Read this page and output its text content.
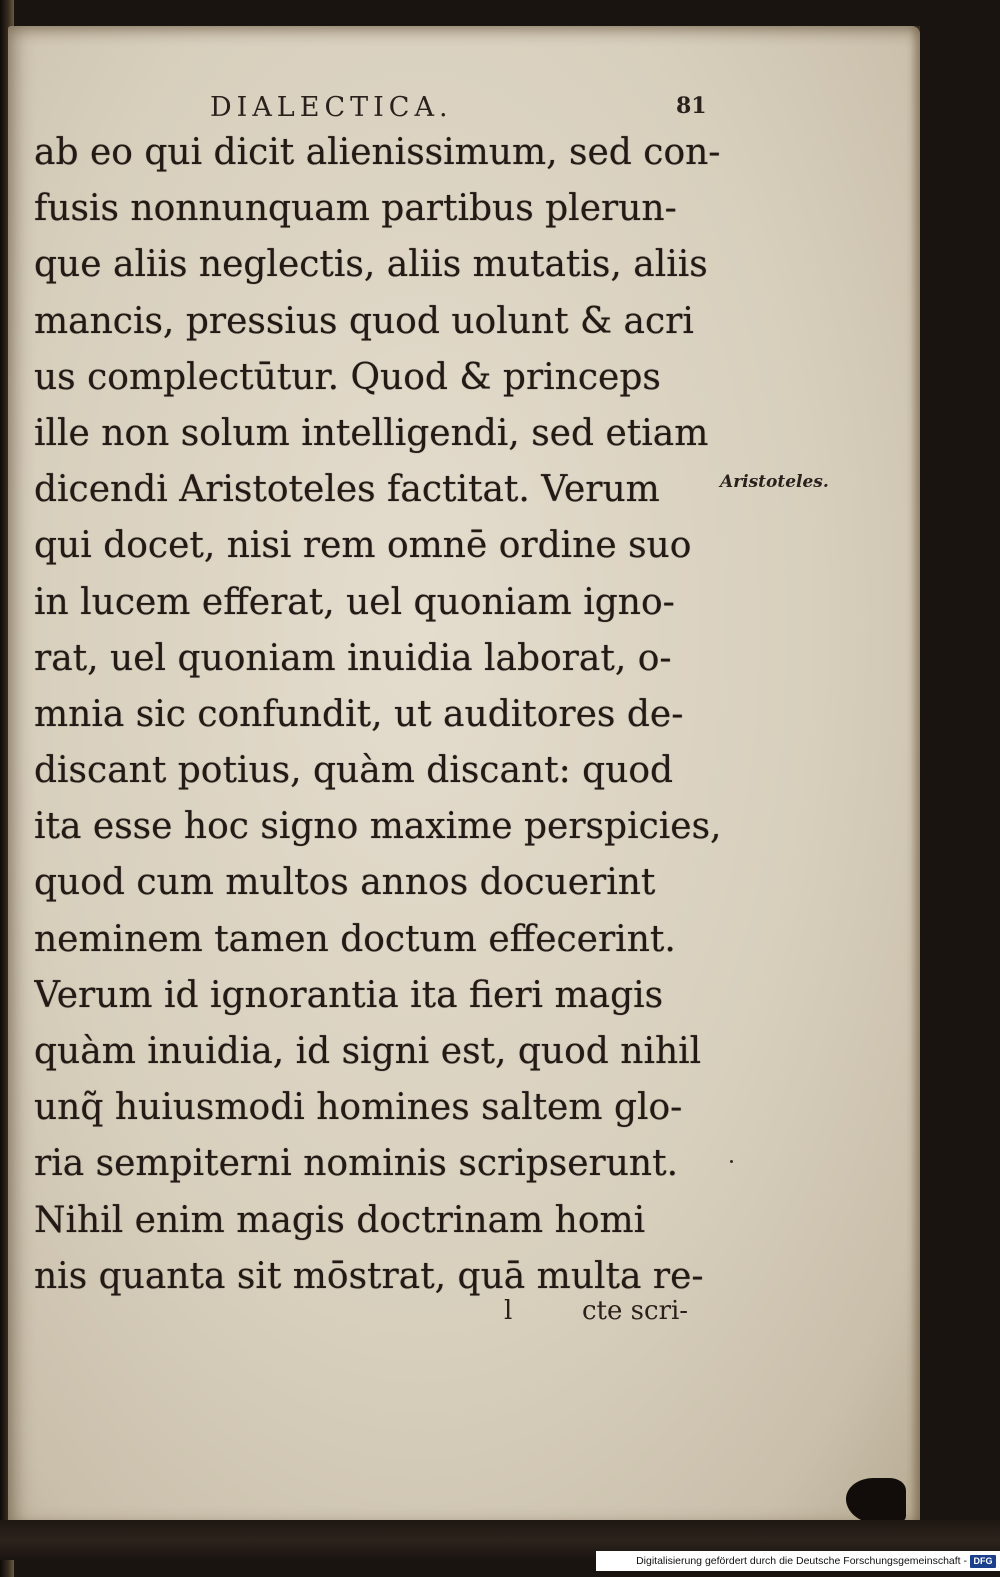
DIALECTICA.	81
ab eo qui dicit alienissimum, sed con-
fusis nonnunquam partibus plerun-
que aliis neglectis, aliis mutatis, aliis
mancis, pressius quod uolunt & acri
us complectūtur. Quod & princeps
ille non solum intelligendi, sed etiam
dicendi Aristoteles factitat. Verum
qui docet, nisi rem omnē ordine suo
in lucem efferat, uel quoniam igno-
rat, uel quoniam inuidia laborat, o-
mnia sic confundit, ut auditores de-
discant potius, quàm discant: quod
ita esse hoc signo maxime perspicies,
quod cum multos annos docuerint
neminem tamen doctum effecerint.
Verum id ignorantia ita fieri magis
quàm inuidia, id signi est, quod nihil
unq̃ huiusmodi homines saltem glo-
ria sempiterni nominis scripserunt.
Nihil enim magis doctrinam homi
nis quanta sit mōstrat, quā multa re-
l	cte scri-
Aristoteles.
Digitalisierung gefördert durch die Deutsche Forschungsgemeinschaft - DFG
